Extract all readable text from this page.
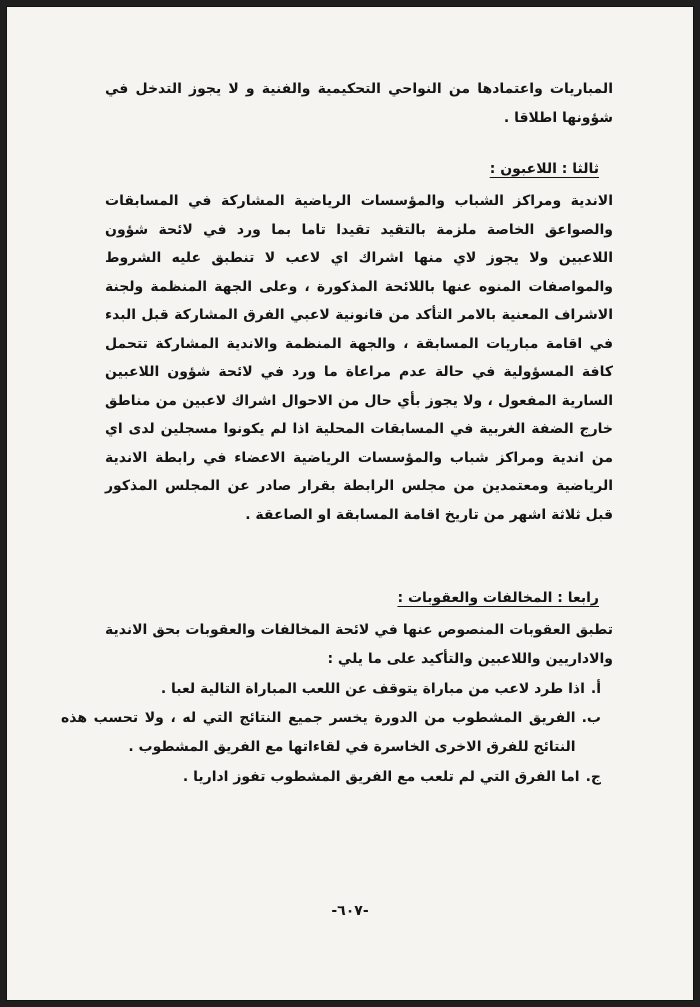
المباريات واعتمادها من النواحي التحكيمية والفنية و لا يجوز التدخل في شؤونها اطلاقا .

ثالثا : اللاعبون :

الاندية ومراكز الشباب والمؤسسات الرياضية المشاركة في المسابقات والصواعق الخاصة ملزمة بالتقيد تقيدا تاما بما ورد في لائحة شؤون اللاعبين ولا يجوز لاي منها اشراك اي لاعب لا تنطبق عليه الشروط والمواصفات المنوه عنها باللائحة المذكورة ، وعلى الجهة المنظمة ولجنة الاشراف المعنية بالامر التأكد من قانونية لاعبي الفرق المشاركة قبل البدء في اقامة مباريات المسابقة ، والجهة المنظمة والاندية المشاركة تتحمل كافة المسؤولية في حالة عدم مراعاة ما ورد في لائحة شؤون اللاعبين السارية المفعول ، ولا يجوز بأي حال من الاحوال اشراك لاعبين من مناطق خارج الضفة الغربية في المسابقات المحلية اذا لم يكونوا مسجلين لدى اي من اندية ومراكز شباب والمؤسسات الرياضية الاعضاء في رابطة الاندية الرياضية ومعتمدين من مجلس الرابطة بقرار صادر عن المجلس المذكور قبل ثلاثة اشهر من تاريخ اقامة المسابقة او الصاعقة .

رابعا : المخالفات والعقوبات :

تطبق العقوبات المنصوص عنها في لائحة المخالفات والعقوبات بحق الاندية والاداريين واللاعبين والتأكيد على ما يلي :

أ.
اذا طرد لاعب من مباراة يتوقف عن اللعب المباراة التالية لعبا .
ب.
الفريق المشطوب من الدورة يخسر جميع النتائج التي له ، ولا تحسب هذه النتائج للفرق الاخرى الخاسرة في لقاءاتها مع الفريق المشطوب .
ج.
اما الفرق التي لم تلعب مع الفريق المشطوب تفوز اداريا .
-٦٠٧-
